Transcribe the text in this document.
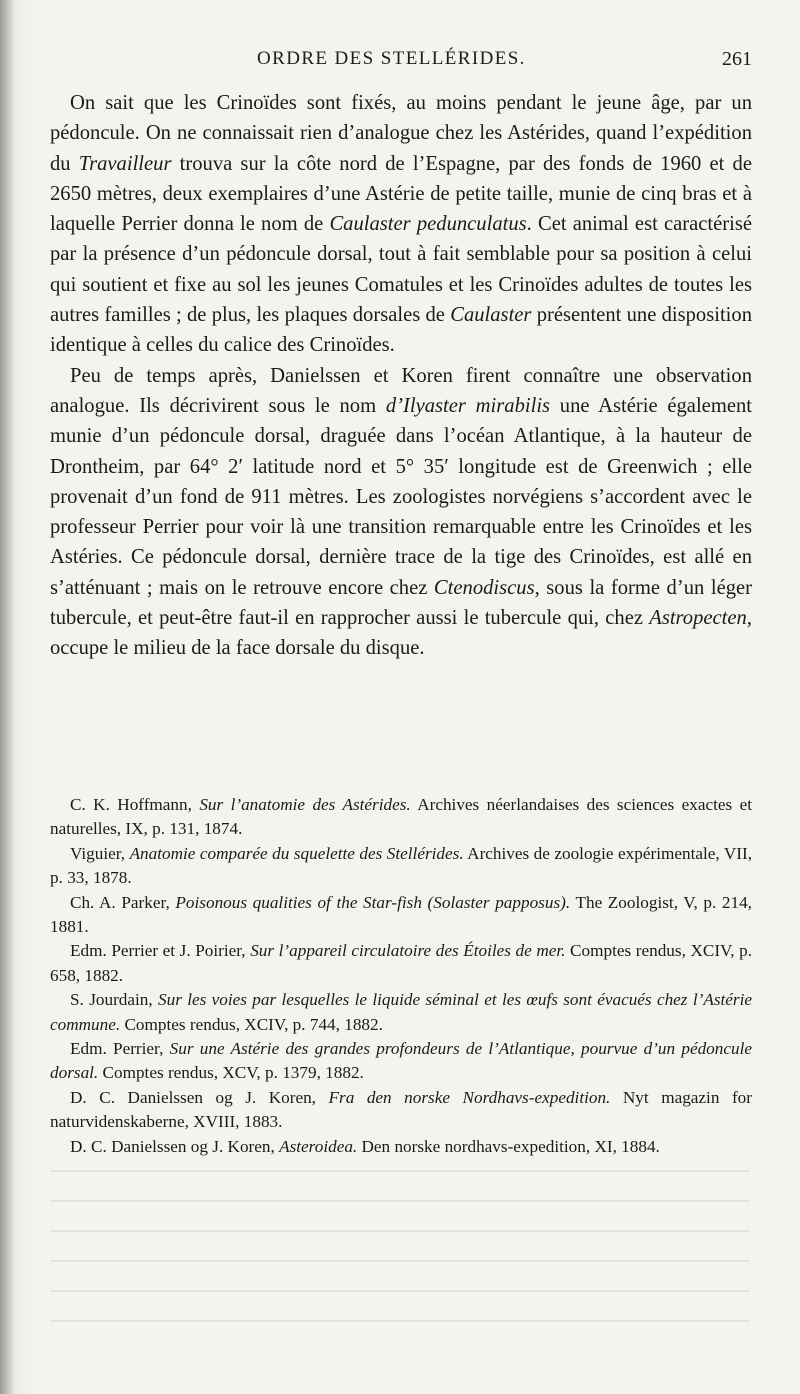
ORDRE DES STELLÉRIDES.	261

On sait que les Crinoïdes sont fixés, au moins pendant le jeune âge, par un pédoncule. On ne connaissait rien d’analogue chez les Astérides, quand l’expédition du Travailleur trouva sur la côte nord de l’Espagne, par des fonds de 1960 et de 2650 mètres, deux exemplaires d’une Astérie de petite taille, munie de cinq bras et à laquelle Perrier donna le nom de Caulaster pedunculatus. Cet animal est caractérisé par la présence d’un pédoncule dorsal, tout à fait semblable pour sa position à celui qui soutient et fixe au sol les jeunes Comatules et les Crinoïdes adultes de toutes les autres familles ; de plus, les plaques dorsales de Caulaster présentent une disposition identique à celles du calice des Crinoïdes.

Peu de temps après, Danielssen et Koren firent connaître une observation analogue. Ils décrivirent sous le nom d’Ilyaster mirabilis une Astérie également munie d’un pédoncule dorsal, draguée dans l’océan Atlantique, à la hauteur de Drontheim, par 64° 2′ latitude nord et 5° 35′ longitude est de Greenwich ; elle provenait d’un fond de 911 mètres. Les zoologistes norvégiens s’accordent avec le professeur Perrier pour voir là une transition remarquable entre les Crinoïdes et les Astéries. Ce pédoncule dorsal, dernière trace de la tige des Crinoïdes, est allé en s’atténuant ; mais on le retrouve encore chez Ctenodiscus, sous la forme d’un léger tubercule, et peut-être faut-il en rapprocher aussi le tubercule qui, chez Astropecten, occupe le milieu de la face dorsale du disque.

C. K. Hoffmann, Sur l’anatomie des Astérides. Archives néerlandaises des sciences exactes et naturelles, IX, p. 131, 1874.

Viguier, Anatomie comparée du squelette des Stellérides. Archives de zoologie expérimentale, VII, p. 33, 1878.

Ch. A. Parker, Poisonous qualities of the Star-fish (Solaster papposus). The Zoologist, V, p. 214, 1881.

Edm. Perrier et J. Poirier, Sur l’appareil circulatoire des Étoiles de mer. Comptes rendus, XCIV, p. 658, 1882.

S. Jourdain, Sur les voies par lesquelles le liquide séminal et les œufs sont évacués chez l’Astérie commune. Comptes rendus, XCIV, p. 744, 1882.

Edm. Perrier, Sur une Astérie des grandes profondeurs de l’Atlantique, pourvue d’un pédoncule dorsal. Comptes rendus, XCV, p. 1379, 1882.

D. C. Danielssen og J. Koren, Fra den norske Nordhavs-expedition. Nyt magazin for naturvidenskaberne, XVIII, 1883.

D. C. Danielssen og J. Koren, Asteroidea. Den norske nordhavs-expedition, XI, 1884.
